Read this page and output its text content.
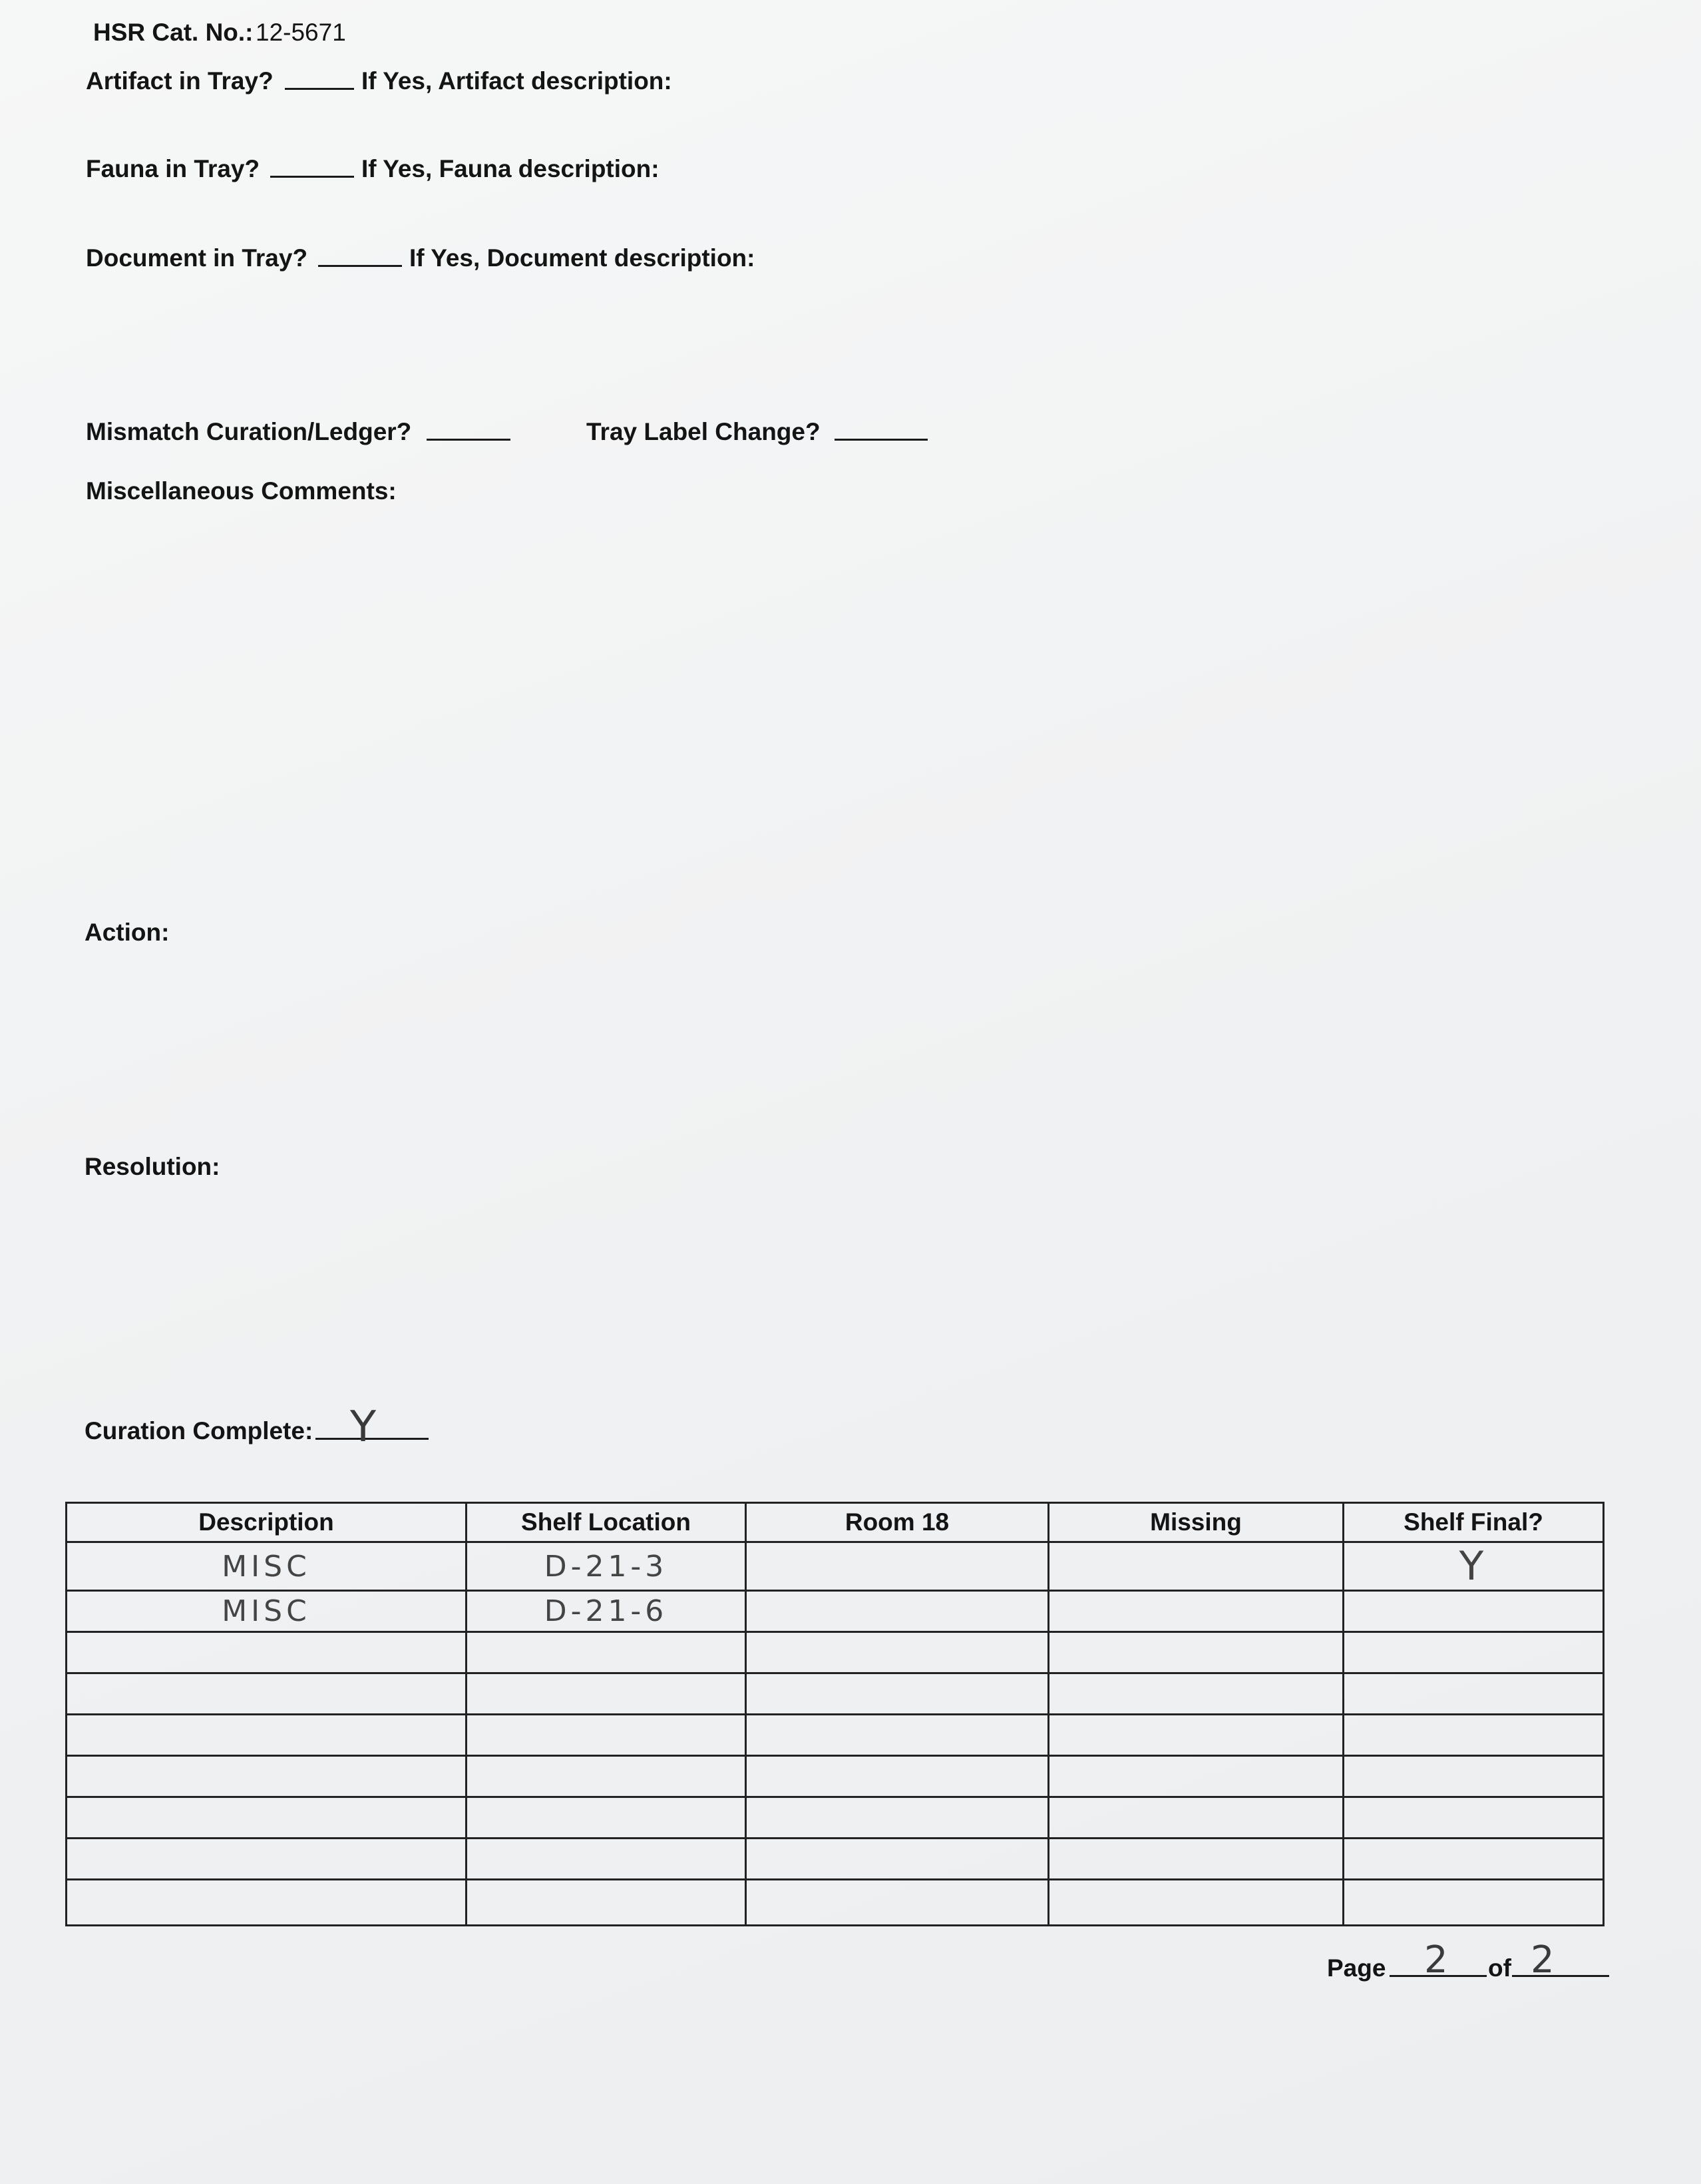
HSR Cat. No.: 12-5671
Artifact in Tray?	If Yes, Artifact description:
Fauna in Tray?	If Yes, Fauna description:
Document in Tray?	If Yes, Document description:
Mismatch Curation/Ledger?	Tray Label Change?
Miscellaneous Comments:
Action:
Resolution:
Curation Complete: Y
Description	Shelf Location	Room 18	Missing	Shelf Final?
MISC	D-21-3			Y
MISC	D-21-6			

Page 2 of 2
